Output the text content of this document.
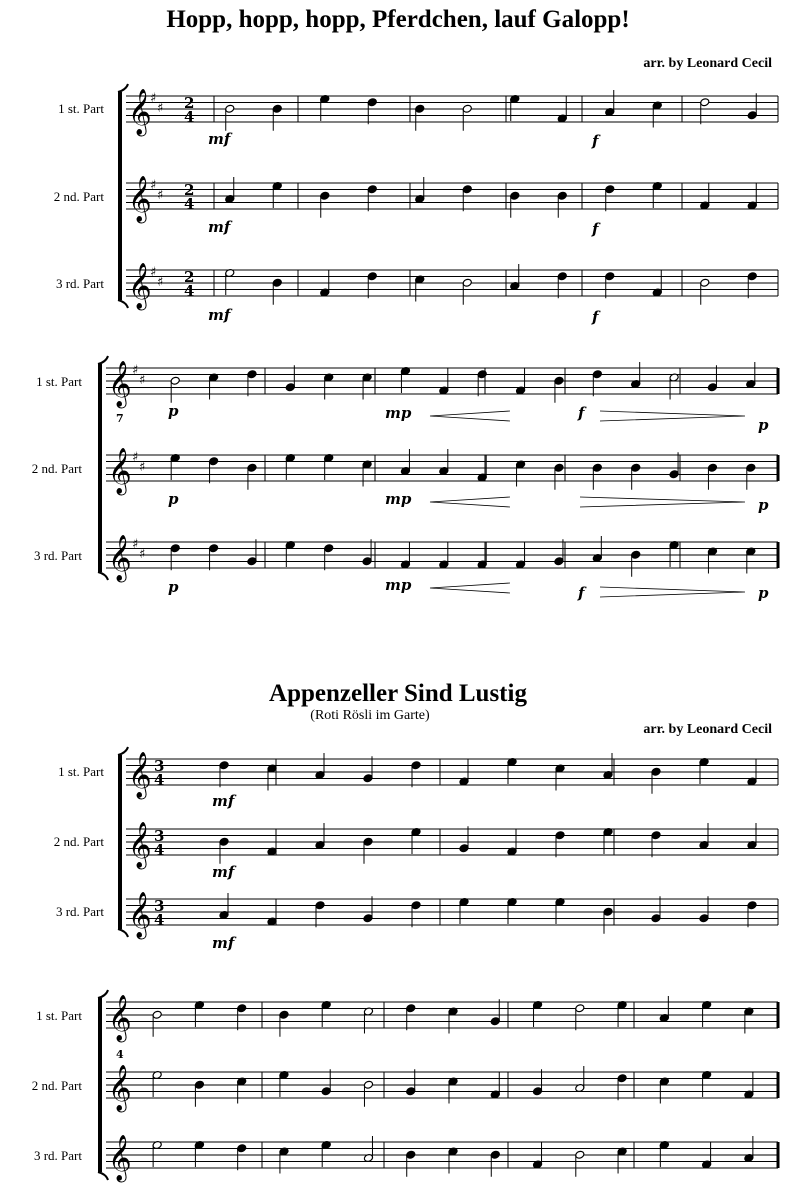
Hopp, hopp, hopp, Pferdchen, lauf Galopp!
arr. by Leonard Cecil
1 st. Part
2 nd. Part
3 rd. Part
1 st. Part
2 nd. Part
3 rd. Part
Appenzeller Sind Lustig
(Roti Rösli im Garte)
arr. by Leonard Cecil
1 st. Part
2 nd. Part
3 rd. Part
1 st. Part
2 nd. Part
3 rd. Part
𝄞
♯
♯ 2
4
𝄞
♯
♯ 2
4
𝄞
♯
♯ 2
4
mf	f
mf	f
mf	f
𝄞 ♯
♯
𝄞 ♯
♯
𝄞 ♯
♯
7	p	mp	f
p
p	mp	p
p	mp	f	p
𝄞 3
4
𝄞 3
4
𝄞 3
4
mf
mf
mf
𝄞
𝄞
𝄞
4
